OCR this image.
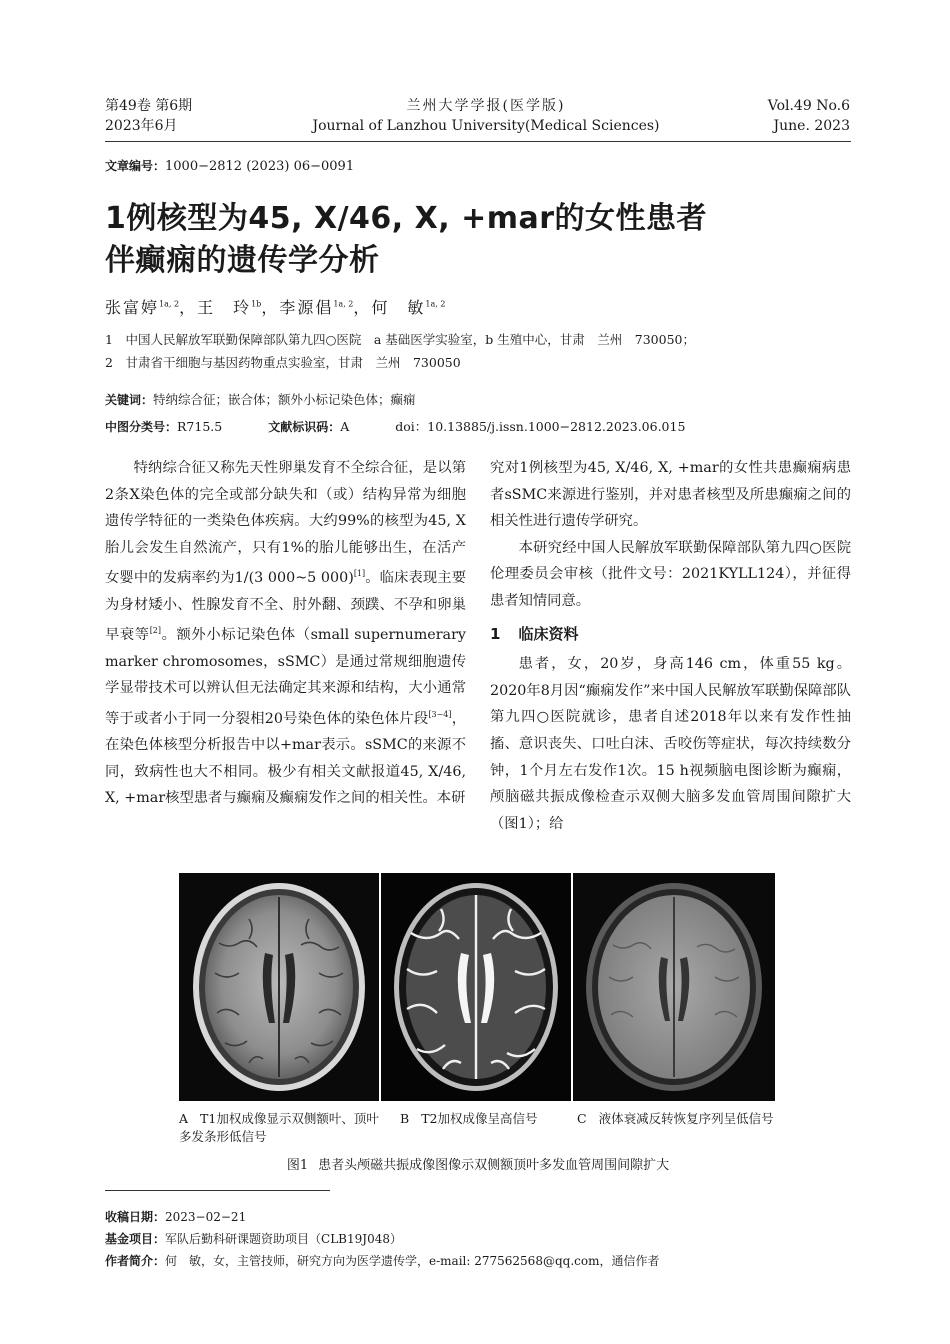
第49卷 第6期
2023年6月
兰州大学学报(医学版)
Journal of Lanzhou University(Medical Sciences)
Vol.49 No.6
June. 2023
文章编号：1000−2812 (2023) 06−0091
1例核型为45, X/46, X, +mar的女性患者
伴癫痫的遗传学分析
张富婷$^{1a, 2}$，王　玲$^{1b}$，李源倡$^{1a, 2}$，何　敏$^{1a, 2}$
1　中国人民解放军联勤保障部队第九四○医院　a 基础医学实验室，b 生殖中心，甘肃　兰州　730050；
2　甘肃省干细胞与基因药物重点实验室，甘肃　兰州　730050
关键词：特纳综合征；嵌合体；额外小标记染色体；癫痫
中图分类号：R715.5	文献标识码：A	doi：10.13885/j.issn.1000−2812.2023.06.015

特纳综合征又称先天性卵巢发育不全综合征，是以第2条X染色体的完全或部分缺失和（或）结构异常为细胞遗传学特征的一类染色体疾病。大约99%的核型为45, X胎儿会发生自然流产，只有1%的胎儿能够出生，在活产女婴中的发病率约为1/(3 000~5 000)[1]。临床表现主要为身材矮小、性腺发育不全、肘外翻、颈蹼、不孕和卵巢早衰等[2]。额外小标记染色体（small supernumerary marker chromosomes，sSMC）是通过常规细胞遗传学显带技术可以辨认但无法确定其来源和结构，大小通常等于或者小于同一分裂相20号染色体的染色体片段[3−4]，在染色体核型分析报告中以+mar表示。sSMC的来源不同，致病性也大不相同。极少有相关文献报道45, X/46, X, +mar核型患者与癫痫及癫痫发作之间的相关性。本研

究对1例核型为45, X/46, X, +mar的女性共患癫痫病患者sSMC来源进行鉴别，并对患者核型及所患癫痫之间的相关性进行遗传学研究。

本研究经中国人民解放军联勤保障部队第九四○医院伦理委员会审核（批件文号：2021KYLL124），并征得患者知情同意。

1 临床资料

患者，女，20岁，身高146 cm，体重55 kg。2020年8月因“癫痫发作”来中国人民解放军联勤保障部队第九四○医院就诊，患者自述2018年以来有发作性抽搐、意识丧失、口吐白沫、舌咬伤等症状，每次持续数分钟，1个月左右发作1次。15 h视频脑电图诊断为癫痫，颅脑磁共振成像检查示双侧大脑多发血管周围间隙扩大（图1）；给

A T1加权成像显示双侧额叶、顶叶多发条形低信号
B T2加权成像呈高信号	C 液体衰减反转恢复序列呈低信号
图1 患者头颅磁共振成像图像示双侧额顶叶多发血管周围间隙扩大
收稿日期：2023−02−21
基金项目：军队后勤科研课题资助项目（CLB19J048）
作者简介：何　敏，女，主管技师，研究方向为医学遗传学，e-mail: 277562568@qq.com，通信作者
